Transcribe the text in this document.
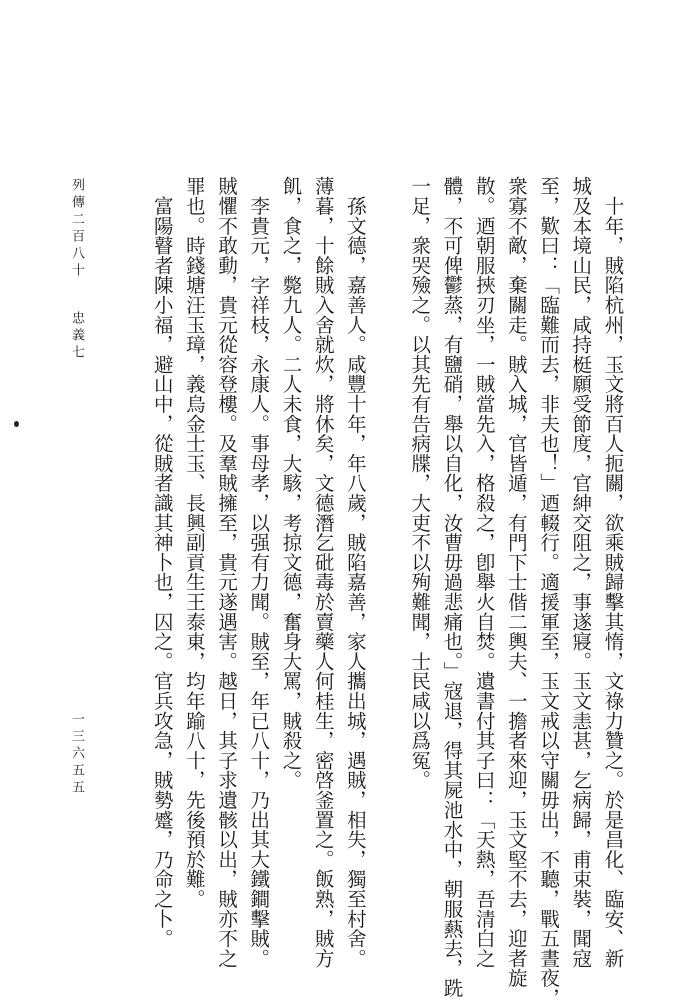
　十年，賊陷杭州，玉文將百人扼關，欲乘賊歸擊其惰，文祿力贊之。於是昌化、臨安、新
城及本境山民，咸持梃願受節度，官紳交阻之，事遂寢。玉文恚甚，乞病歸，甫束裝，聞寇
至，歎曰：「臨難而去，非夫也！」迺輟行。適援軍至，玉文戒以守關毋出，不聽，戰五晝夜，
衆寡不敵，棄關走。賊入城，官皆遁，有門下士偕二輿夫、一擔者來迎，玉文堅不去，迎者旋
散。迺朝服挾刃坐，一賊當先入，格殺之，卽舉火自焚。遺書付其子曰：「天熱，吾清白之
體，不可俾鬱蒸，有鹽硝，舉以自化，汝曹毋過悲痛也。」寇退，得其屍池水中，朝服爇去，跣
一足，衆哭殮之。以其先有告病牒，大吏不以殉難聞，士民咸以爲冤。
　孫文德，嘉善人。咸豐十年，年八歲，賊陷嘉善，家人攜出城，遇賊，相失，獨至村舍。
薄暮，十餘賊入舍就炊，將休矣，文德潛乞砒毒於賣藥人何桂生，密啓釜置之。飯熟，賊方
飢，食之，斃九人。二人未食，大駭，考掠文德，奮身大罵，賊殺之。
　李貴元，字祥枝，永康人。事母孝，以强有力聞。賊至，年已八十，乃出其大鐵鐧擊賊。
賊懼不敢動，貴元從容登樓。及羣賊擁至，貴元遂遇害。越日，其子求遺骸以出，賊亦不之
罪也。時錢塘汪玉璋，義烏金士玉、長興副貢生王泰東，均年踰八十，先後預於難。
　富陽瞽者陳小福，避山中，從賊者識其神卜也，囚之。官兵攻急，賊勢蹙，乃命之卜。
列傳二百八十
忠義七
一三六五五
